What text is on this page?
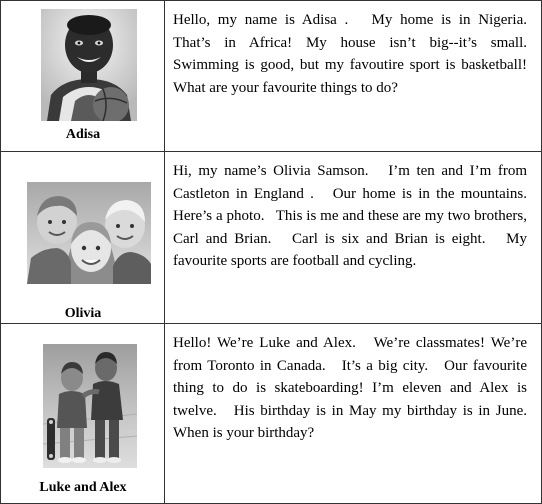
Adisa

Hello, my name is Adisa .   My home is in Nigeria.   That’s in Africa! My house isn’t big--it’s small.   Swimming is good, but my favoutire sport is basketball! What are your favourite things to do?

Olivia

Hi, my name’s Olivia Samson.   I’m ten and I’m from Castleton in England .   Our home is in the mountains.   Here’s a photo.   This is me and these are my two brothers, Carl and Brian.   Carl is six and Brian is eight.   My favourite sports are football and cycling.

Luke and Alex

Hello! We’re Luke and Alex.   We’re classmates! We’re from Toronto in Canada.   It’s a big city.   Our favourite thing to do is skateboarding! I’m eleven and Alex is twelve.   His birthday is in May my birthday is in June.   When is your birthday?
